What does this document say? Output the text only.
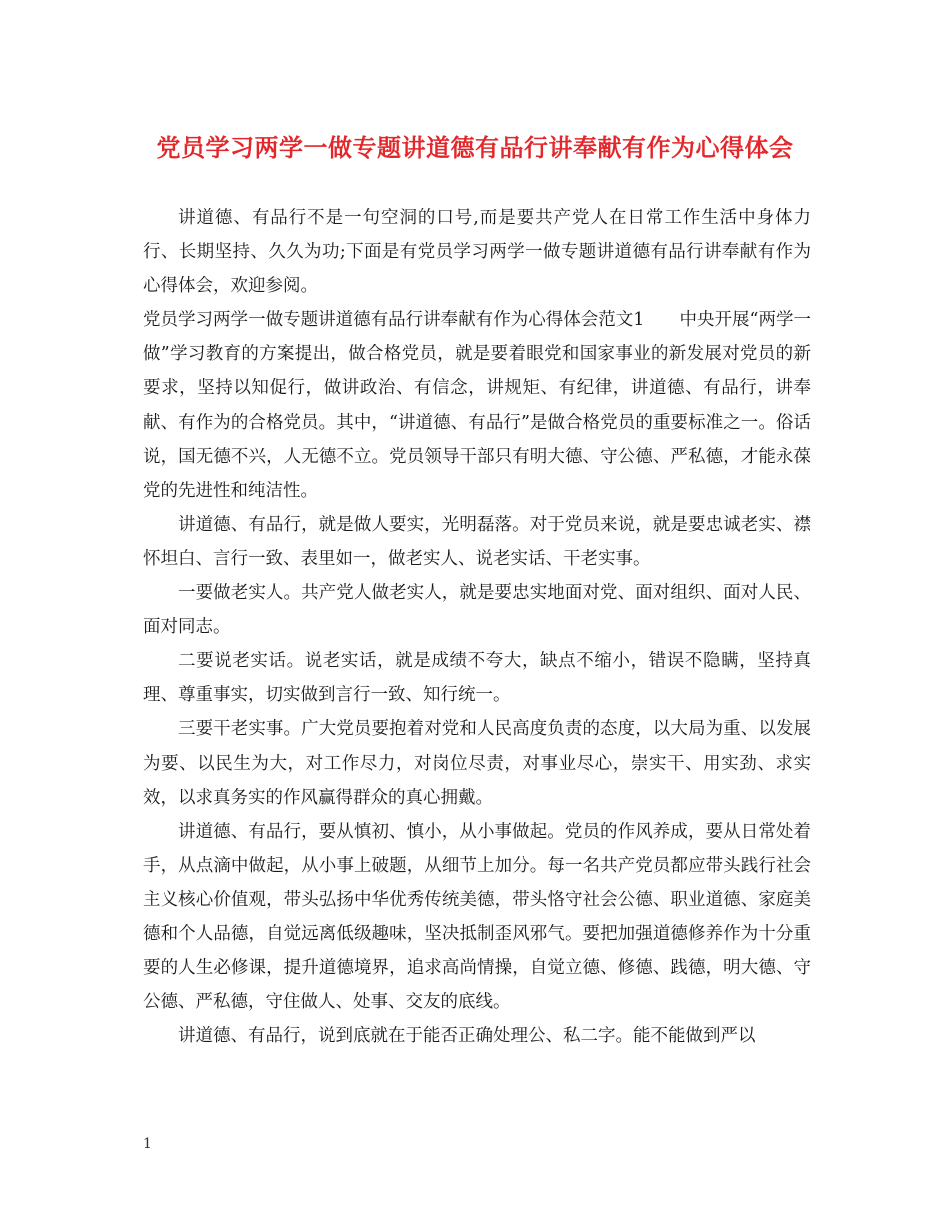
党员学习两学一做专题讲道德有品行讲奉献有作为心得体会

讲道德、有品行不是一句空洞的口号,而是要共产党人在日常工作生活中身体力行、长期坚持、久久为功;下面是有党员学习两学一做专题讲道德有品行讲奉献有作为心得体会，欢迎参阅。

党员学习两学一做专题讲道德有品行讲奉献有作为心得体会范文1　　中央开展“两学一做”学习教育的方案提出，做合格党员，就是要着眼党和国家事业的新发展对党员的新要求，坚持以知促行，做讲政治、有信念，讲规矩、有纪律，讲道德、有品行，讲奉献、有作为的合格党员。其中，“讲道德、有品行”是做合格党员的重要标准之一。俗话说，国无德不兴，人无德不立。党员领导干部只有明大德、守公德、严私德，才能永葆党的先进性和纯洁性。

讲道德、有品行，就是做人要实，光明磊落。对于党员来说，就是要忠诚老实、襟怀坦白、言行一致、表里如一，做老实人、说老实话、干老实事。

一要做老实人。共产党人做老实人，就是要忠实地面对党、面对组织、面对人民、面对同志。

二要说老实话。说老实话，就是成绩不夸大，缺点不缩小，错误不隐瞒，坚持真理、尊重事实，切实做到言行一致、知行统一。

三要干老实事。广大党员要抱着对党和人民高度负责的态度，以大局为重、以发展为要、以民生为大，对工作尽力，对岗位尽责，对事业尽心，崇实干、用实劲、求实效，以求真务实的作风赢得群众的真心拥戴。

讲道德、有品行，要从慎初、慎小，从小事做起。党员的作风养成，要从日常处着手，从点滴中做起，从小事上破题，从细节上加分。每一名共产党员都应带头践行社会主义核心价值观，带头弘扬中华优秀传统美德，带头恪守社会公德、职业道德、家庭美德和个人品德，自觉远离低级趣味，坚决抵制歪风邪气。要把加强道德修养作为十分重要的人生必修课，提升道德境界，追求高尚情操，自觉立德、修德、践德，明大德、守公德、严私德，守住做人、处事、交友的底线。

讲道德、有品行，说到底就在于能否正确处理公、私二字。能不能做到严以

1
